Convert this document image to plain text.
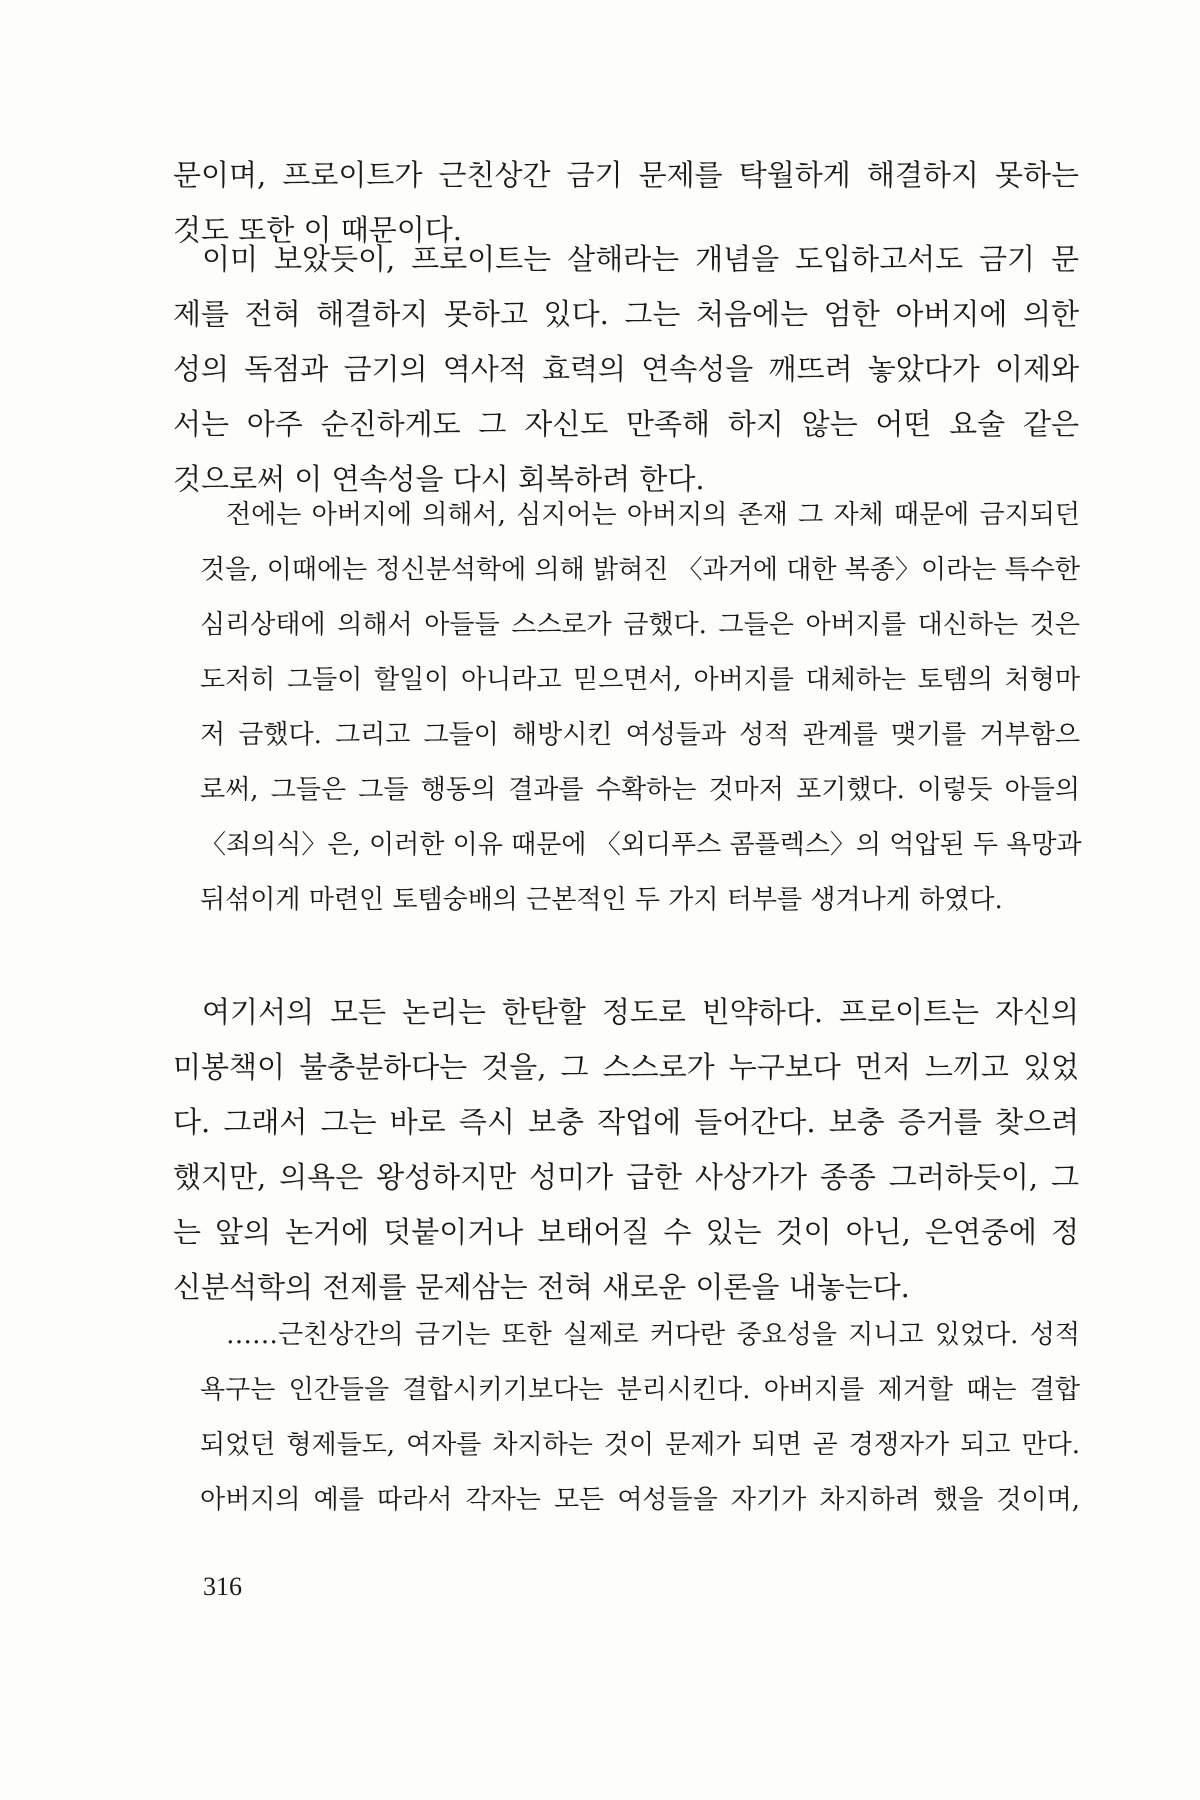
문이며, 프로이트가 근친상간 금기 문제를 탁월하게 해결하지 못하는
것도 또한 이 때문이다.
이미 보았듯이, 프로이트는 살해라는 개념을 도입하고서도 금기 문
제를 전혀 해결하지 못하고 있다. 그는 처음에는 엄한 아버지에 의한
성의 독점과 금기의 역사적 효력의 연속성을 깨뜨려 놓았다가 이제와
서는 아주 순진하게도 그 자신도 만족해 하지 않는 어떤 요술 같은
것으로써 이 연속성을 다시 회복하려 한다.
전에는 아버지에 의해서, 심지어는 아버지의 존재 그 자체 때문에 금지되던
것을, 이때에는 정신분석학에 의해 밝혀진 〈과거에 대한 복종〉이라는 특수한
심리상태에 의해서 아들들 스스로가 금했다. 그들은 아버지를 대신하는 것은
도저히 그들이 할일이 아니라고 믿으면서, 아버지를 대체하는 토템의 처형마
저 금했다. 그리고 그들이 해방시킨 여성들과 성적 관계를 맺기를 거부함으
로써, 그들은 그들 행동의 결과를 수확하는 것마저 포기했다. 이렇듯 아들의
〈죄의식〉은, 이러한 이유 때문에 〈외디푸스 콤플렉스〉의 억압된 두 욕망과
뒤섞이게 마련인 토템숭배의 근본적인 두 가지 터부를 생겨나게 하였다.
여기서의 모든 논리는 한탄할 정도로 빈약하다. 프로이트는 자신의
미봉책이 불충분하다는 것을, 그 스스로가 누구보다 먼저 느끼고 있었
다. 그래서 그는 바로 즉시 보충 작업에 들어간다. 보충 증거를 찾으려
했지만, 의욕은 왕성하지만 성미가 급한 사상가가 종종 그러하듯이, 그
는 앞의 논거에 덧붙이거나 보태어질 수 있는 것이 아닌, 은연중에 정
신분석학의 전제를 문제삼는 전혀 새로운 이론을 내놓는다.
……근친상간의 금기는 또한 실제로 커다란 중요성을 지니고 있었다. 성적
욕구는 인간들을 결합시키기보다는 분리시킨다. 아버지를 제거할 때는 결합
되었던 형제들도, 여자를 차지하는 것이 문제가 되면 곧 경쟁자가 되고 만다.
아버지의 예를 따라서 각자는 모든 여성들을 자기가 차지하려 했을 것이며,
316
